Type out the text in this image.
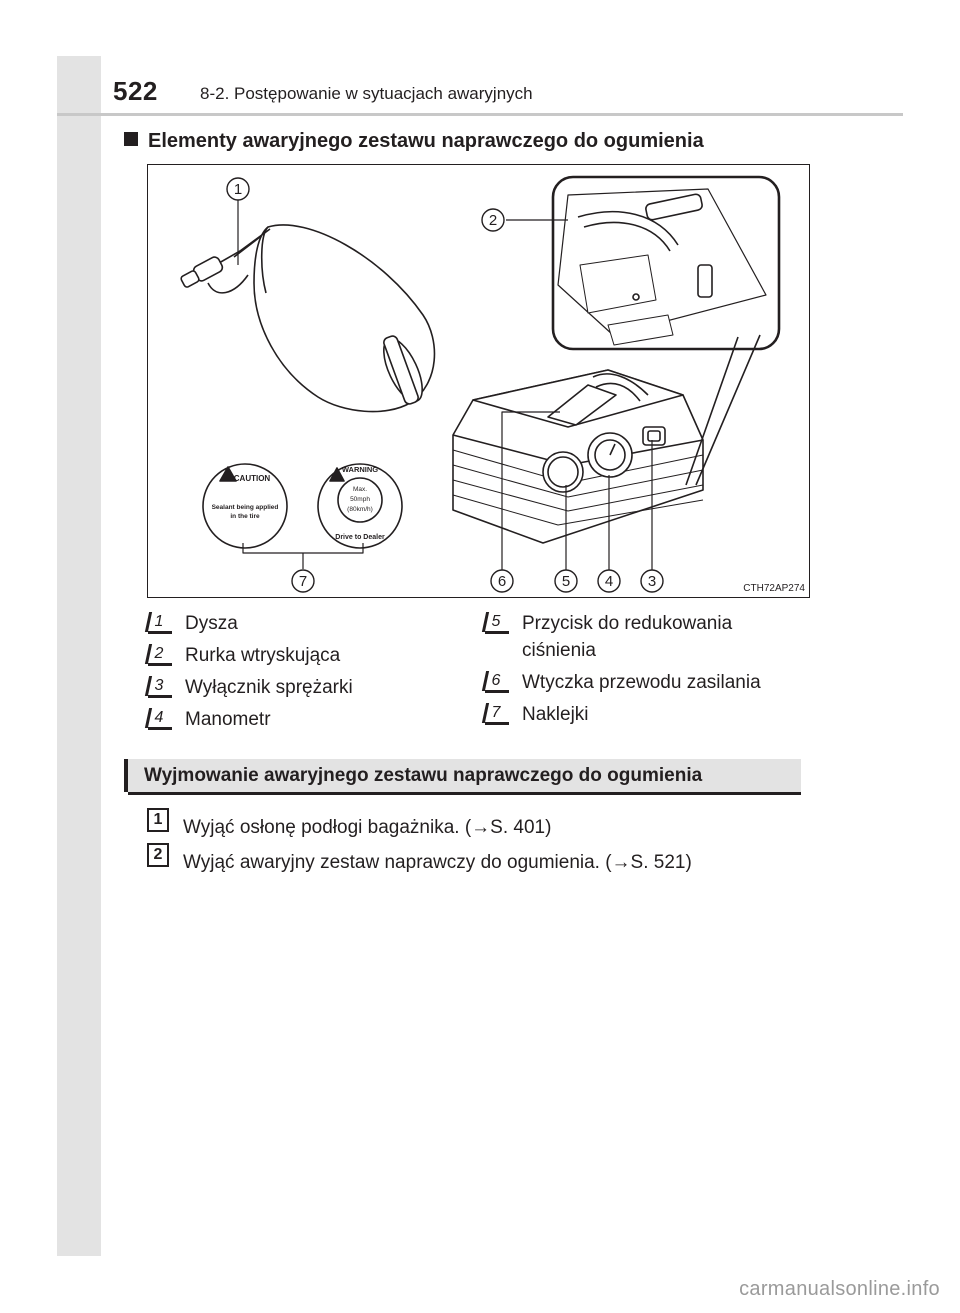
522 8-2. Postępowanie w sytuacjach awaryjnych
Elementy awaryjnego zestawu naprawczego do ogumienia
1
2
3
4
5
6
7
CAUTION
Sealant being applied
in the tire
WARNING
Max.
50mph
(80km/h)
Drive to Dealer
CTH72AP274
1 Dysza
2 Rurka wtryskująca
3 Wyłącznik sprężarki
4 Manometr
5 Przycisk do redukowania ciśnienia
6 Wtyczka przewodu zasilania
7 Naklejki
Wyjmowanie awaryjnego zestawu naprawczego do ogumienia
1	Wyjąć osłonę podłogi bagażnika. (→S. 401)
2	Wyjąć awaryjny zestaw naprawczy do ogumienia. (→S. 521)
carmanualsonline.info
